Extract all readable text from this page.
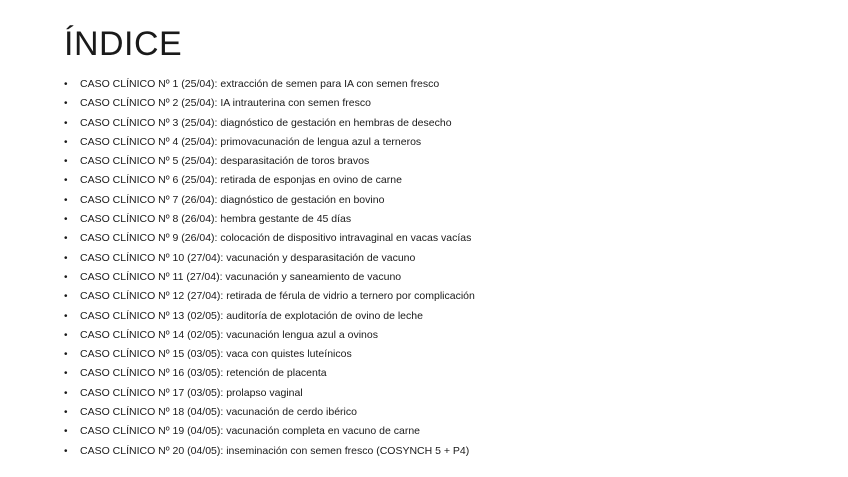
ÍNDICE
•	CASO CLÍNICO Nº 1 (25/04): extracción de semen para IA con semen fresco
•	CASO CLÍNICO Nº 2 (25/04): IA intrauterina con semen fresco
•	CASO CLÍNICO Nº 3 (25/04): diagnóstico de gestación en hembras de desecho
•	CASO CLÍNICO Nº 4 (25/04): primovacunación de lengua azul a terneros
•	CASO CLÍNICO Nº 5 (25/04): desparasitación de toros bravos
•	CASO CLÍNICO Nº 6 (25/04): retirada de esponjas en ovino de carne
•	CASO CLÍNICO Nº 7 (26/04): diagnóstico de gestación en bovino
•	CASO CLÍNICO Nº 8 (26/04): hembra gestante de 45 días
•	CASO CLÍNICO Nº 9 (26/04): colocación de dispositivo intravaginal en vacas vacías
•	CASO CLÍNICO Nº 10 (27/04): vacunación y desparasitación de vacuno
•	CASO CLÍNICO Nº 11 (27/04): vacunación y saneamiento de vacuno
•	CASO CLÍNICO Nº 12 (27/04): retirada de férula de vidrio a ternero por complicación
•	CASO CLÍNICO Nº 13 (02/05): auditoría de explotación de ovino de leche
•	CASO CLÍNICO Nº 14 (02/05): vacunación lengua azul a ovinos
•	CASO CLÍNICO Nº 15 (03/05): vaca con quistes luteínicos
•	CASO CLÍNICO Nº 16 (03/05): retención de placenta
•	CASO CLÍNICO Nº 17 (03/05): prolapso vaginal
•	CASO CLÍNICO Nº 18 (04/05): vacunación de cerdo ibérico
•	CASO CLÍNICO Nº 19 (04/05): vacunación completa en vacuno de carne
•	CASO CLÍNICO Nº 20 (04/05): inseminación con semen fresco (COSYNCH 5 + P4)
